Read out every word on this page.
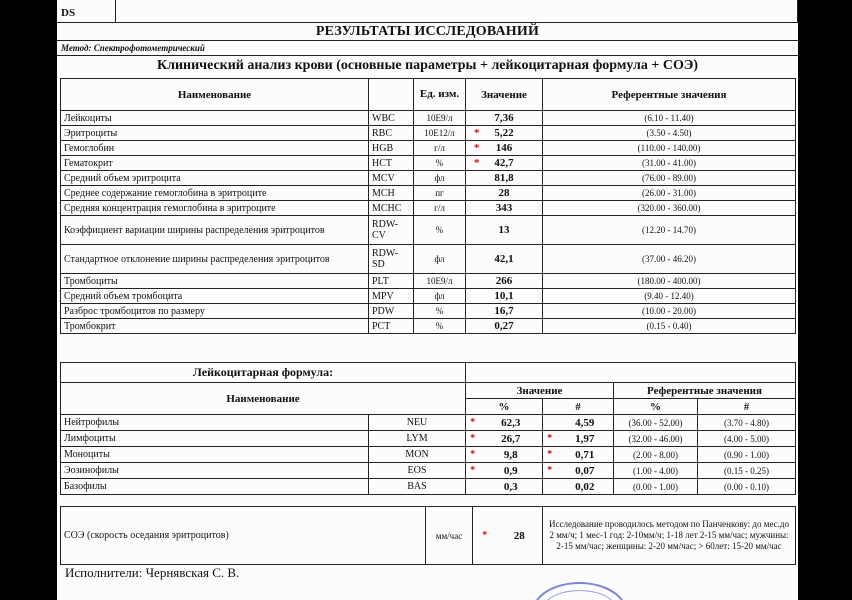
DS
РЕЗУЛЬТАТЫ ИССЛЕДОВАНИЙ
Метод: Спектрофотометрический
Клинический анализ крови (основные параметры + лейкоцитарная формула + СОЭ)
Наименование		Ед. изм.	Значение	Референтные значения
Лейкоциты	WBC	10E9/л	7,36	(6.10 - 11.40)
Эритроциты	RBC	10E12/л	* 5,22	(3.50 - 4.50)
Гемоглобин	HGB	г/л	* 146	(110.00 - 140.00)
Гематокрит	HCT	%	* 42,7	(31.00 - 41.00)
Средний объем эритроцита	MCV	фл	81,8	(76.00 - 89.00)
Среднее содержание гемоглобина в эритроците	MCH	пг	28	(26.00 - 31.00)
Средняя концентрация гемоглобина в эритроците	MCHC	г/л	343	(320.00 - 360.00)
Коэффициент вариации ширины распределения эритроцитов	RDW-CV	%	13	(12.20 - 14.70)
Стандартное отклонение ширины распределения эритроцитов	RDW-SD	фл	42,1	(37.00 - 46.20)
Тромбоциты	PLT	10E9/л	266	(180.00 - 400.00)
Средний объем тромбоцита	MPV	фл	10,1	(9.40 - 12.40)
Разброс тромбоцитов по размеру	PDW	%	16,7	(10.00 - 20.00)
Тромбокрит	PCT	%	0,27	(0.15 - 0.40)
Лейкоцитарная формула:							
Наименование		Значение				Референтные значения	
		%		#		%	#
Нейтрофилы	NEU	*	62,3		4,59	(36.00 - 52.00)	(3.70 - 4.80)
Лимфоциты	LYM	*	26,7	*	1,97	(32.00 - 46.00)	(4.00 - 5.00)
Моноциты	MON	*	9,8	*	0,71	(2.00 - 8.00)	(0.90 - 1.00)
Эозинофилы	EOS	*	0,9	*	0,07	(1.00 - 4.00)	(0.15 - 0.25)
Базофилы	BAS		0,3		0,02	(0.00 - 1.00)	(0.00 - 0.10)
СОЭ (скорость оседания эритроцитов)	мм/час	*	28	Исследование проводилось методом по Панченкову: до мес.до 2 мм/ч; 1 мес-1 год: 2-10мм/ч; 1-18 лет 2-15 мм/час; мужчины: 2-15 мм/час; женщины: 2-20 мм/час; > 60лет: 15-20 мм/час
Исполнители: Чернявская С. В.
